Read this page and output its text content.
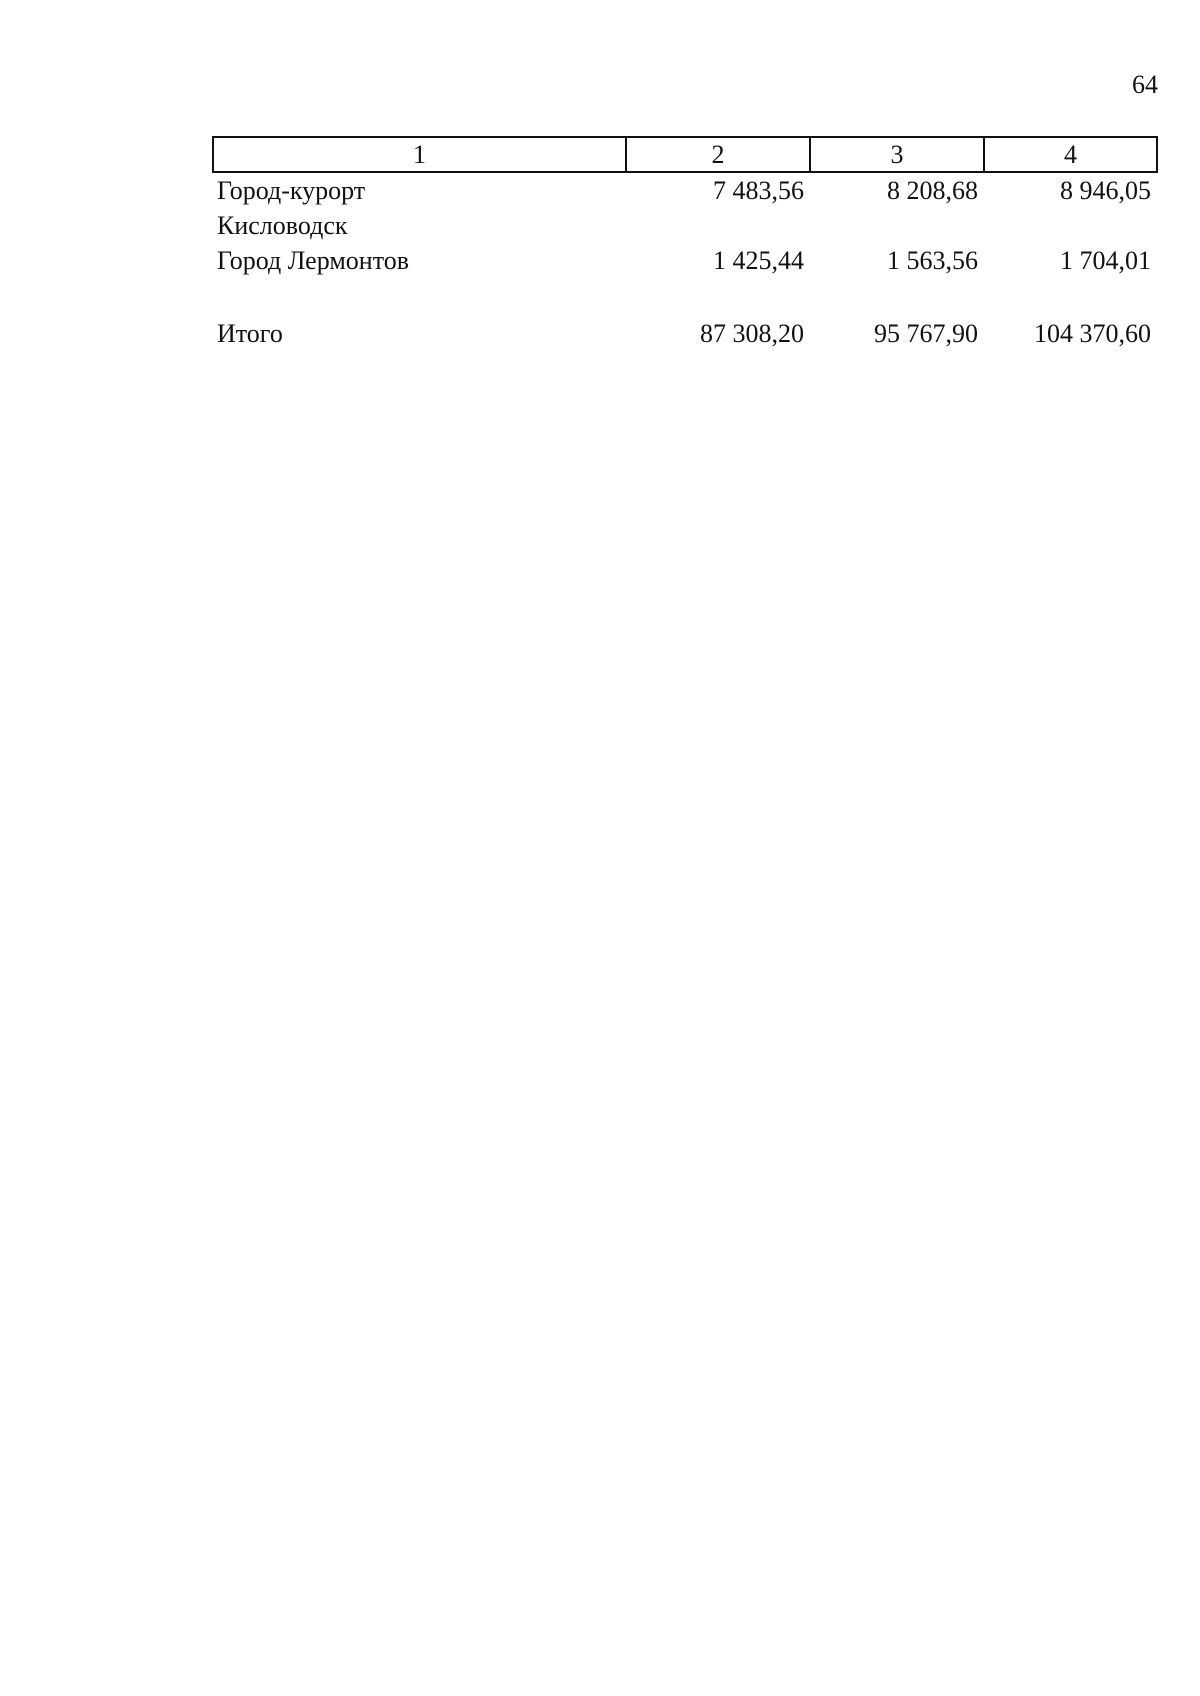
64
1	2	3	4

Город-курорт Кисловодск	7 483,56	8 208,68	8 946,05
Город Лермонтов	1 425,44	1 563,56	1 704,01

Итого	87 308,20	95 767,90	104 370,60
